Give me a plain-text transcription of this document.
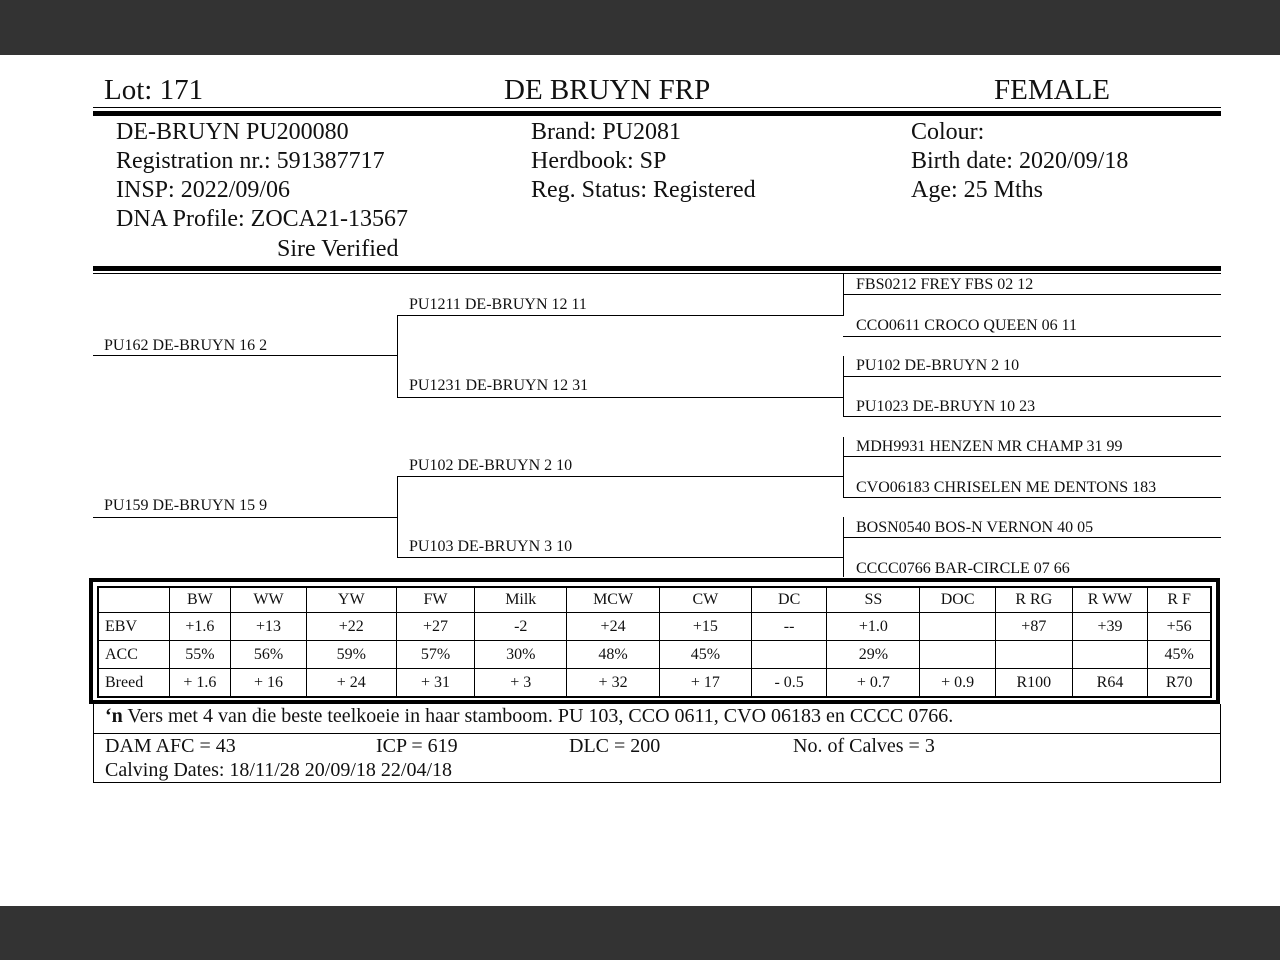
Lot: 171	DE BRUYN FRP	FEMALE
DE-BRUYN PU200080
Registration nr.: 591387717
INSP: 2022/09/06
DNA Profile: ZOCA21-13567
Sire Verified
Brand: PU2081
Herdbook: SP
Reg. Status: Registered
Colour:
Birth date: 2020/09/18
Age: 25 Mths
PU162 DE-BRUYN 16 2
PU159 DE-BRUYN 15 9
PU1211 DE-BRUYN 12 11
PU1231 DE-BRUYN 12 31
PU102 DE-BRUYN 2 10
PU103 DE-BRUYN 3 10
FBS0212 FREY FBS 02 12
CCO0611 CROCO QUEEN 06 11
PU102 DE-BRUYN 2 10
PU1023 DE-BRUYN 10 23
MDH9931 HENZEN MR CHAMP 31 99
CVO06183 CHRISELEN ME DENTONS 183
BOSN0540 BOS-N VERNON 40 05
CCCC0766 BAR-CIRCLE 07 66
	BW	WW	YW	FW	Milk	MCW	CW	DC	SS	DOC	R RG	R WW	R F
EBV	+1.6	+13	+22	+27	-2	+24	+15	--	+1.0		+87	+39	+56
ACC	55%	56%	59%	57%	30%	48%	45%		29%				45%
Breed	+ 1.6	+ 16	+ 24	+ 31	+ 3	+ 32	+ 17	- 0.5	+ 0.7	+ 0.9	R100	R64	R70
‘n Vers met 4 van die beste teelkoeie in haar stamboom. PU 103, CCO 0611, CVO 06183 en CCCC 0766.
DAM AFC = 43	ICP = 619	DLC = 200	No. of Calves = 3
Calving Dates: 18/11/28 20/09/18 22/04/18
